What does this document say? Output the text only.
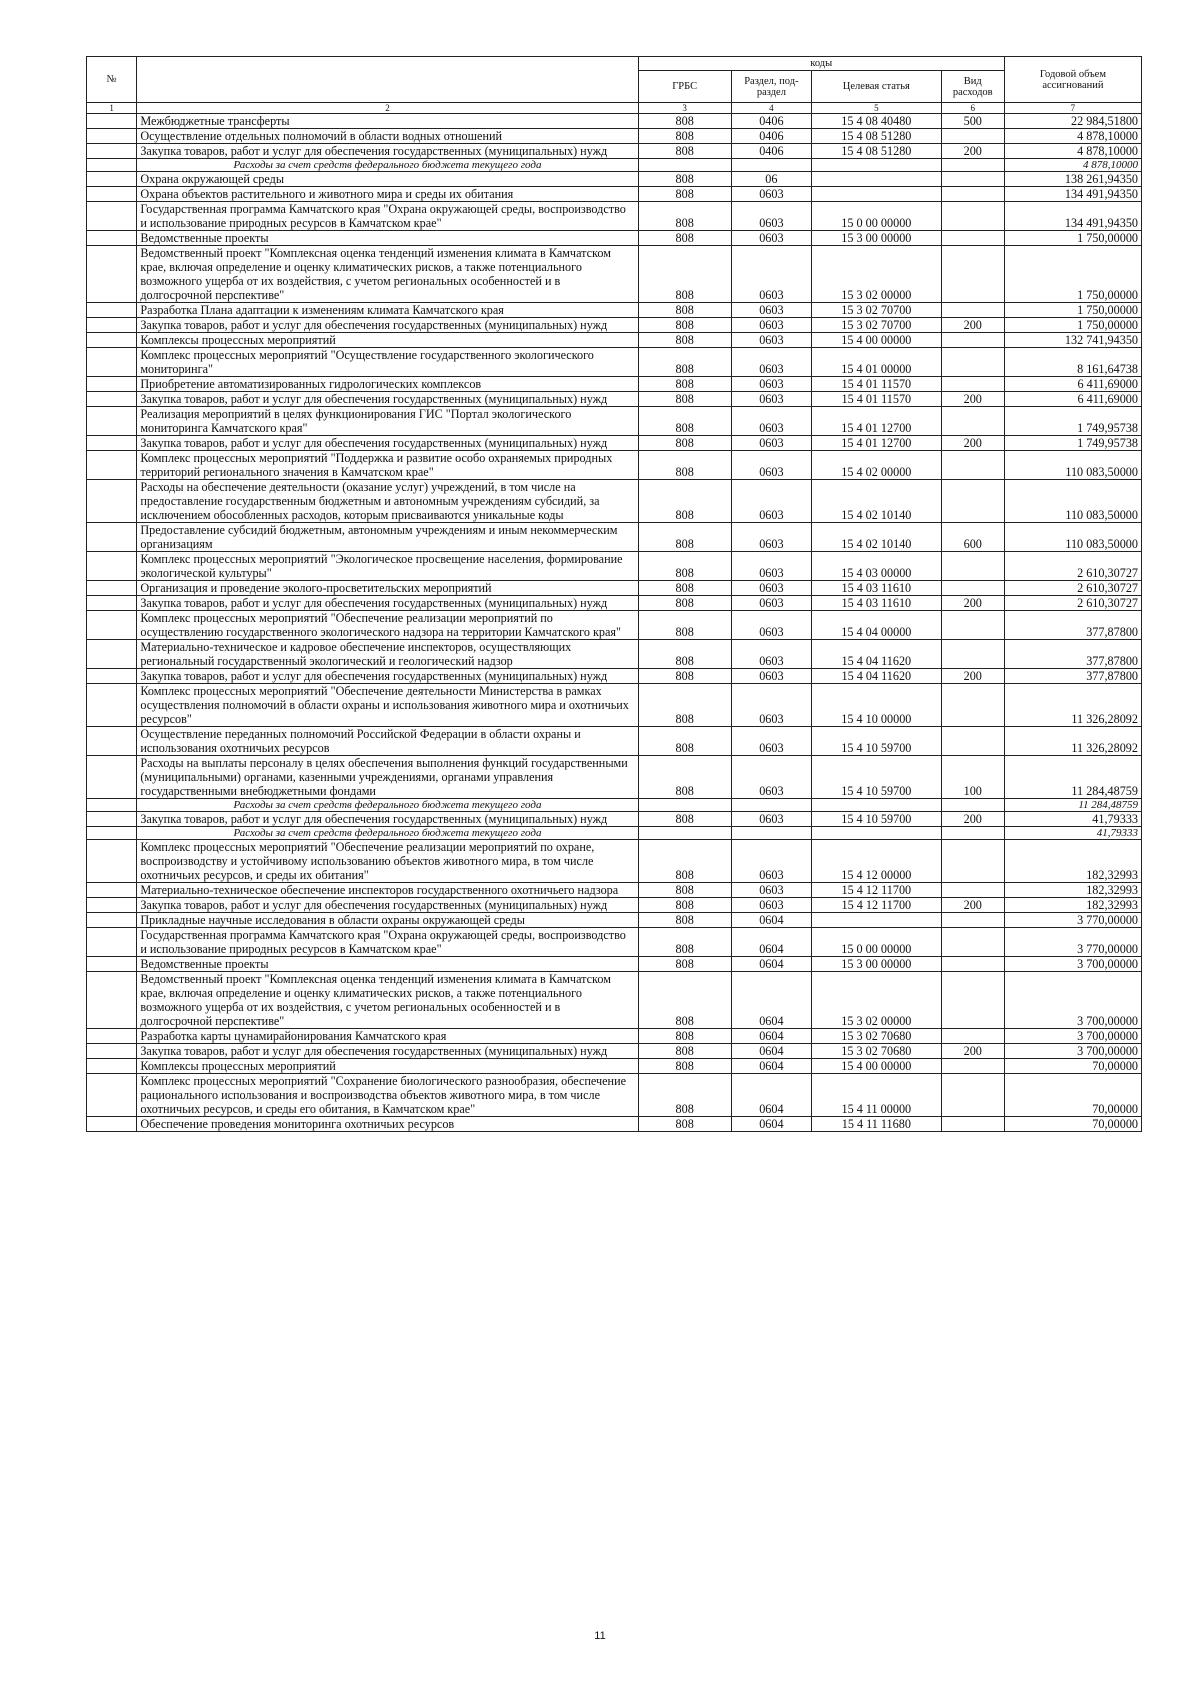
№		коды				Годовой объем
ассигнований
		ГРБС	Раздел, под-
раздел	Целевая статья	Вид
расходов	
1	2	3	4	5	6	7
	Межбюджетные трансферты	808	0406	15 4 08 40480	500	22 984,51800
	Осуществление отдельных полномочий в области водных отношений	808	0406	15 4 08 51280		4 878,10000
	Закупка товаров, работ и услуг для обеспечения государственных (муниципальных) нужд	808	0406	15 4 08 51280	200	4 878,10000
	Расходы за счет средств федерального бюджета текущего года					4 878,10000
	Охрана окружающей среды	808	06			138 261,94350
	Охрана объектов растительного и животного мира и среды их обитания	808	0603			134 491,94350
	Государственная программа Камчатского края "Охрана окружающей среды, воспроизводство и использование природных ресурсов в Камчатском крае"	808	0603	15 0 00 00000		134 491,94350
	Ведомственные проекты	808	0603	15 3 00 00000		1 750,00000
	Ведомственный проект "Комплексная оценка тенденций изменения климата в Камчатском крае, включая определение и оценку климатических рисков, а также потенциального возможного ущерба от их воздействия, с учетом региональных особенностей и в долгосрочной перспективе"	808	0603	15 3 02 00000		1 750,00000
	Разработка Плана адаптации к изменениям климата Камчатского края	808	0603	15 3 02 70700		1 750,00000
	Закупка товаров, работ и услуг для обеспечения государственных (муниципальных) нужд	808	0603	15 3 02 70700	200	1 750,00000
	Комплексы процессных мероприятий	808	0603	15 4 00 00000		132 741,94350
	Комплекс процессных мероприятий "Осуществление государственного экологического мониторинга"	808	0603	15 4 01 00000		8 161,64738
	Приобретение автоматизированных гидрологических комплексов	808	0603	15 4 01 11570		6 411,69000
	Закупка товаров, работ и услуг для обеспечения государственных (муниципальных) нужд	808	0603	15 4 01 11570	200	6 411,69000
	Реализация мероприятий в целях функционирования ГИС "Портал экологического мониторинга Камчатского края"	808	0603	15 4 01 12700		1 749,95738
	Закупка товаров, работ и услуг для обеспечения государственных (муниципальных) нужд	808	0603	15 4 01 12700	200	1 749,95738
	Комплекс процессных мероприятий "Поддержка и развитие особо охраняемых природных территорий регионального значения в Камчатском крае"	808	0603	15 4 02 00000		110 083,50000
	Расходы на обеспечение деятельности (оказание услуг) учреждений, в том числе на предоставление государственным бюджетным и автономным учреждениям субсидий, за исключением обособленных расходов, которым присваиваются уникальные коды	808	0603	15 4 02 10140		110 083,50000
	Предоставление субсидий бюджетным, автономным учреждениям и иным некоммерческим организациям	808	0603	15 4 02 10140	600	110 083,50000
	Комплекс процессных мероприятий "Экологическое просвещение населения, формирование экологической культуры"	808	0603	15 4 03 00000		2 610,30727
	Организация и проведение эколого-просветительских мероприятий	808	0603	15 4 03 11610		2 610,30727
	Закупка товаров, работ и услуг для обеспечения государственных (муниципальных) нужд	808	0603	15 4 03 11610	200	2 610,30727
	Комплекс процессных мероприятий "Обеспечение реализации мероприятий по осуществлению государственного экологического надзора на территории Камчатского края"	808	0603	15 4 04 00000		377,87800
	Материально-техническое и кадровое обеспечение инспекторов, осуществляющих региональный государственный экологический и геологический надзор	808	0603	15 4 04 11620		377,87800
	Закупка товаров, работ и услуг для обеспечения государственных (муниципальных) нужд	808	0603	15 4 04 11620	200	377,87800
	Комплекс процессных мероприятий "Обеспечение деятельности Министерства в рамках осуществления полномочий в области охраны и использования животного мира и охотничьих ресурсов"	808	0603	15 4 10 00000		11 326,28092
	Осуществление переданных полномочий Российской Федерации в области охраны и использования охотничьих ресурсов	808	0603	15 4 10 59700		11 326,28092
	Расходы на выплаты персоналу в целях обеспечения выполнения функций государственными (муниципальными) органами, казенными учреждениями, органами управления государственными внебюджетными фондами	808	0603	15 4 10 59700	100	11 284,48759
	Расходы за счет средств федерального бюджета текущего года					11 284,48759
	Закупка товаров, работ и услуг для обеспечения государственных (муниципальных) нужд	808	0603	15 4 10 59700	200	41,79333
	Расходы за счет средств федерального бюджета текущего года					41,79333
	Комплекс процессных мероприятий "Обеспечение реализации мероприятий по охране, воспроизводству и устойчивому использованию объектов животного мира, в том числе охотничьих ресурсов, и среды их обитания"	808	0603	15 4 12 00000		182,32993
	Материально-техническое обеспечение инспекторов государственного охотничьего надзора	808	0603	15 4 12 11700		182,32993
	Закупка товаров, работ и услуг для обеспечения государственных (муниципальных) нужд	808	0603	15 4 12 11700	200	182,32993
	Прикладные научные исследования в области охраны окружающей среды	808	0604			3 770,00000
	Государственная программа Камчатского края "Охрана окружающей среды, воспроизводство и использование природных ресурсов в Камчатском крае"	808	0604	15 0 00 00000		3 770,00000
	Ведомственные проекты	808	0604	15 3 00 00000		3 700,00000
	Ведомственный проект "Комплексная оценка тенденций изменения климата в Камчатском крае, включая определение и оценку климатических рисков, а также потенциального возможного ущерба от их воздействия, с учетом региональных особенностей и в долгосрочной перспективе"	808	0604	15 3 02 00000		3 700,00000
	Разработка карты цунамирайонирования Камчатского края	808	0604	15 3 02 70680		3 700,00000
	Закупка товаров, работ и услуг для обеспечения государственных (муниципальных) нужд	808	0604	15 3 02 70680	200	3 700,00000
	Комплексы процессных мероприятий	808	0604	15 4 00 00000		70,00000
	Комплекс процессных мероприятий "Сохранение биологического разнообразия, обеспечение рационального использования и воспроизводства объектов животного мира, в том числе охотничьих ресурсов, и среды его обитания, в Камчатском крае"	808	0604	15 4 11 00000		70,00000
	Обеспечение проведения мониторинга охотничьих ресурсов	808	0604	15 4 11 11680		70,00000
11
